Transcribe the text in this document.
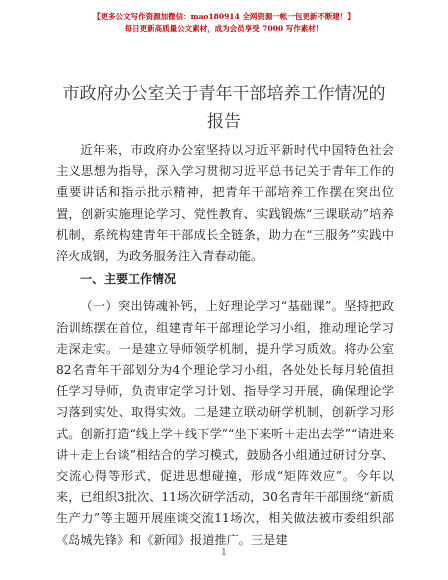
【更多公文写作资源加微信：mao180914 全网资源一帐一包更新不断建！】
每日更新高质量公文素材，成为会员享受 7000 写作素材！
市政府办公室关于青年干部培养工作情况的报告

近年来，市政府办公室坚持以习近平新时代中国特色社会主义思想为指导，深入学习贯彻习近平总书记关于青年工作的重要讲话和指示批示精神，把青年干部培养工作摆在突出位置，创新实施理论学习、党性教育、实践锻炼“三课联动”培养机制，系统构建青年干部成长全链条，助力在“三服务”实践中淬火成钢，为政务服务注入青春动能。

一、主要工作情况

（一）突出铸魂补钙，上好理论学习“基础课”。坚持把政治训练摆在首位，组建青年干部理论学习小组，推动理论学习走深走实。一是建立导师领学机制，提升学习质效。将办公室82名青年干部划分为4个理论学习小组，各处处长每月轮值担任学习导师，负责审定学习计划、指导学习开展，确保理论学习落到实处、取得实效。二是建立联动研学机制，创新学习形式。创新打造“线上学＋线下学”“坐下来听＋走出去学”“请进来讲＋走上台谈”相结合的学习模式，鼓励各小组通过研讨分享、交流心得等形式，促进思想碰撞，形成“矩阵效应”。今年以来，已组织3批次、11场次研学活动，30名青年干部围绕“新质生产力”等主题开展座谈交流11场次，相关做法被市委组织部《岛城先锋》和《新闻》报道推广。三是建

1
